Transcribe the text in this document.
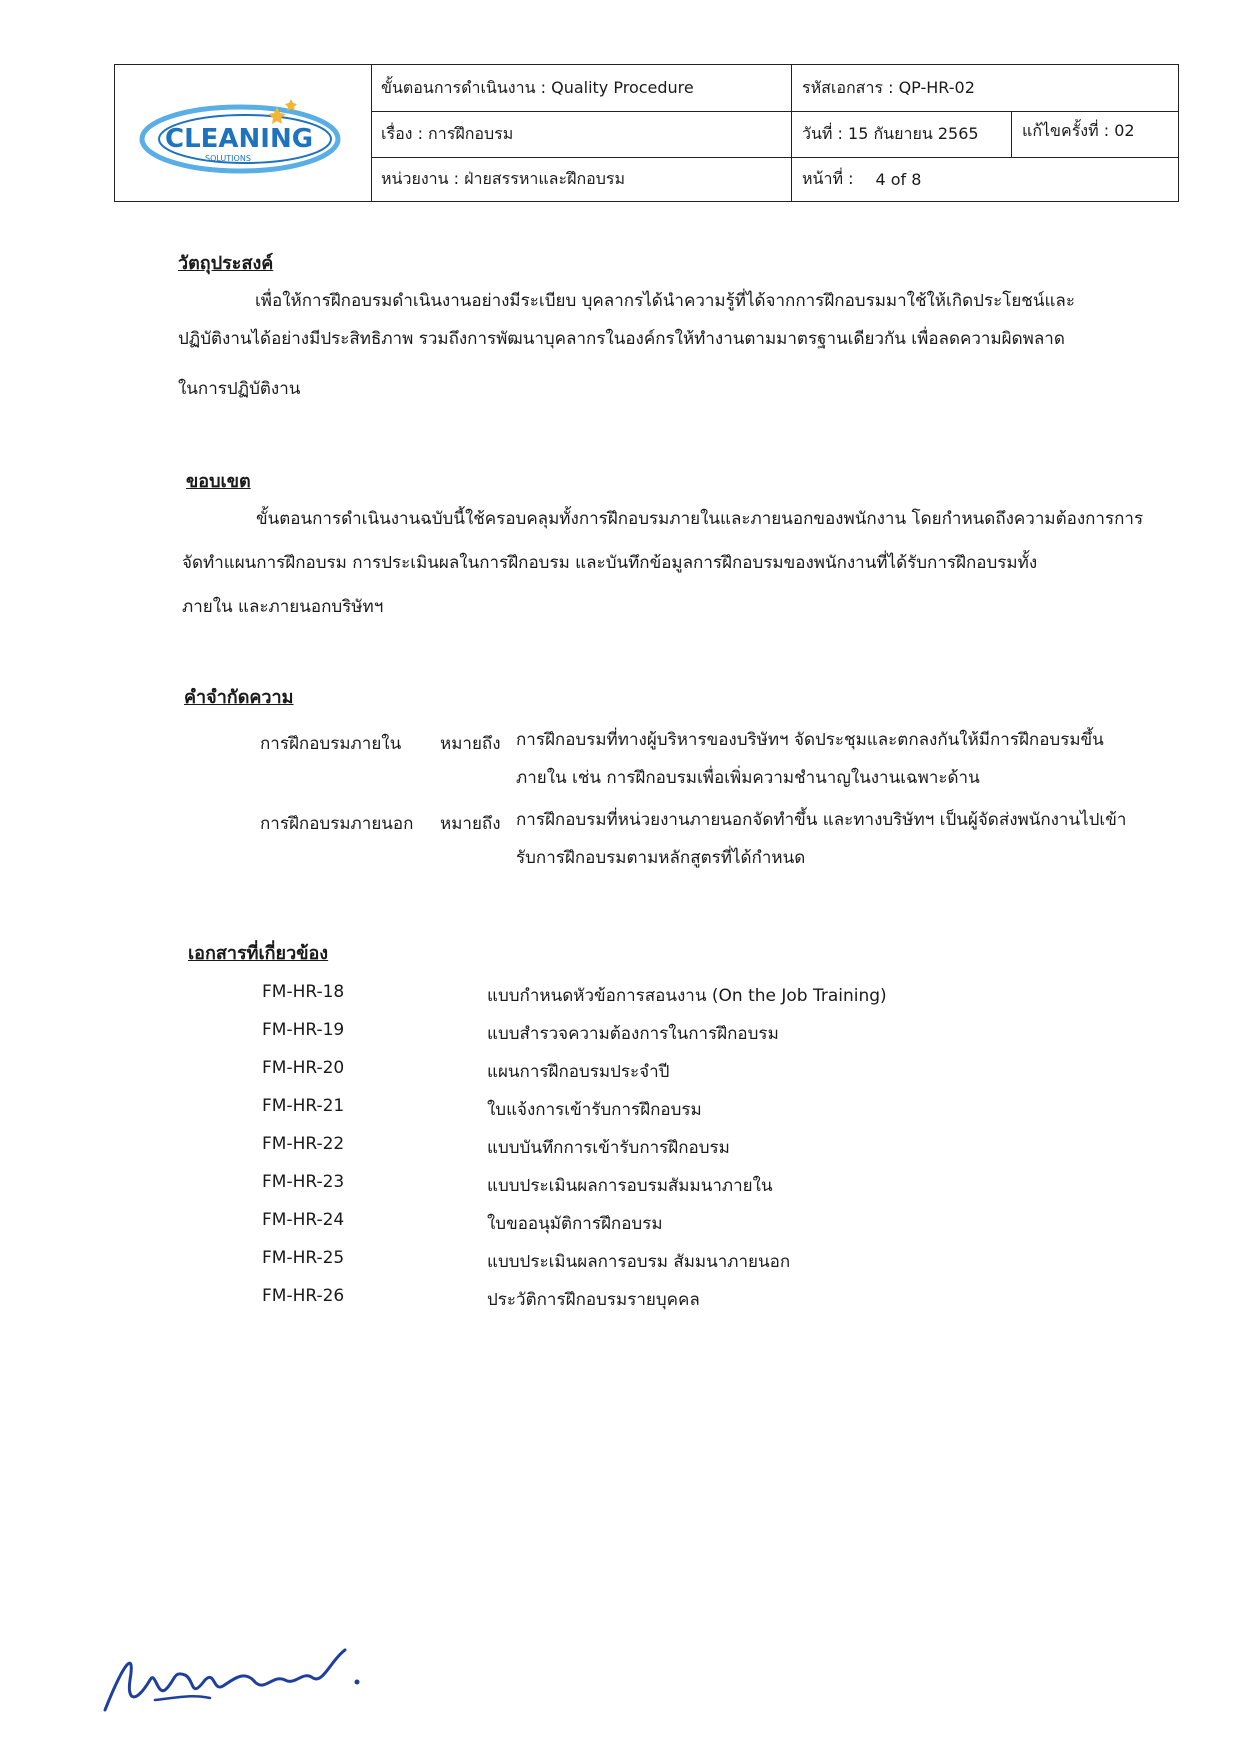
CLEANING
SOLUTIONS
ขั้นตอนการดำเนินงาน : Quality Procedure	รหัสเอกสาร : QP-HR-02
เรื่อง : การฝึกอบรม	วันที่ : 15 กันยายน 2565	แก้ไขครั้งที่ : 02
หน่วยงาน : ฝ่ายสรรหาและฝึกอบรม	หน้าที่ : 4 of 8
วัตถุประสงค์
เพื่อให้การฝึกอบรมดำเนินงานอย่างมีระเบียบ บุคลากรได้นำความรู้ที่ได้จากการฝึกอบรมมาใช้ให้เกิดประโยชน์และ
ปฏิบัติงานได้อย่างมีประสิทธิภาพ รวมถึงการพัฒนาบุคลากรในองค์กรให้ทำงานตามมาตรฐานเดียวกัน เพื่อลดความผิดพลาด
ในการปฏิบัติงาน
ขอบเขต
ขั้นตอนการดำเนินงานฉบับนี้ใช้ครอบคลุมทั้งการฝึกอบรมภายในและภายนอกของพนักงาน โดยกำหนดถึงความต้องการการ
จัดทำแผนการฝึกอบรม การประเมินผลในการฝึกอบรม และบันทึกข้อมูลการฝึกอบรมของพนักงานที่ได้รับการฝึกอบรมทั้ง
ภายใน และภายนอกบริษัทฯ
คำจำกัดความ
การฝึกอบรมภายใน หมายถึง การฝึกอบรมที่ทางผู้บริหารของบริษัทฯ จัดประชุมและตกลงกันให้มีการฝึกอบรมขึ้น
ภายใน เช่น การฝึกอบรมเพื่อเพิ่มความชำนาญในงานเฉพาะด้าน
การฝึกอบรมภายนอก หมายถึง การฝึกอบรมที่หน่วยงานภายนอกจัดทำขึ้น และทางบริษัทฯ เป็นผู้จัดส่งพนักงานไปเข้า
รับการฝึกอบรมตามหลักสูตรที่ได้กำหนด
เอกสารที่เกี่ยวข้อง
FM-HR-18	แบบกำหนดหัวข้อการสอนงาน (On the Job Training)
FM-HR-19	แบบสำรวจความต้องการในการฝึกอบรม
FM-HR-20	แผนการฝึกอบรมประจำปี
FM-HR-21	ใบแจ้งการเข้ารับการฝึกอบรม
FM-HR-22	แบบบันทึกการเข้ารับการฝึกอบรม
FM-HR-23	แบบประเมินผลการอบรมสัมมนาภายใน
FM-HR-24	ใบขออนุมัติการฝึกอบรม
FM-HR-25	แบบประเมินผลการอบรม สัมมนาภายนอก
FM-HR-26	ประวัติการฝึกอบรมรายบุคคล
